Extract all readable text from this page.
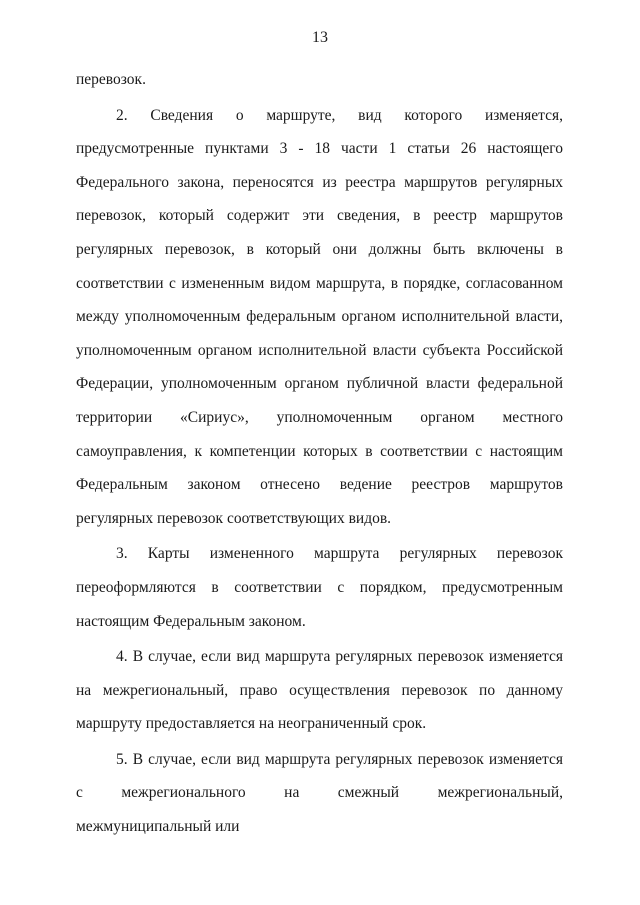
13

перевозок.

2. Сведения о маршруте, вид которого изменяется, предусмотренные пунктами 3 - 18 части 1 статьи 26 настоящего Федерального закона, переносятся из реестра маршрутов регулярных перевозок, который содержит эти сведения, в реестр маршрутов регулярных перевозок, в который они должны быть включены в соответствии с измененным видом маршрута, в порядке, согласованном между уполномоченным федеральным органом исполнительной власти, уполномоченным органом исполнительной власти субъекта Российской Федерации, уполномоченным органом публичной власти федеральной территории «Сириус», уполномоченным органом местного самоуправления, к компетенции которых в соответствии с настоящим Федеральным законом отнесено ведение реестров маршрутов регулярных перевозок соответствующих видов.

3. Карты измененного маршрута регулярных перевозок переоформляются в соответствии с порядком, предусмотренным настоящим Федеральным законом.

4. В случае, если вид маршрута регулярных перевозок изменяется на межрегиональный, право осуществления перевозок по данному маршруту предоставляется на неограниченный срок.

5. В случае, если вид маршрута регулярных перевозок изменяется с межрегионального на смежный межрегиональный, межмуниципальный или
